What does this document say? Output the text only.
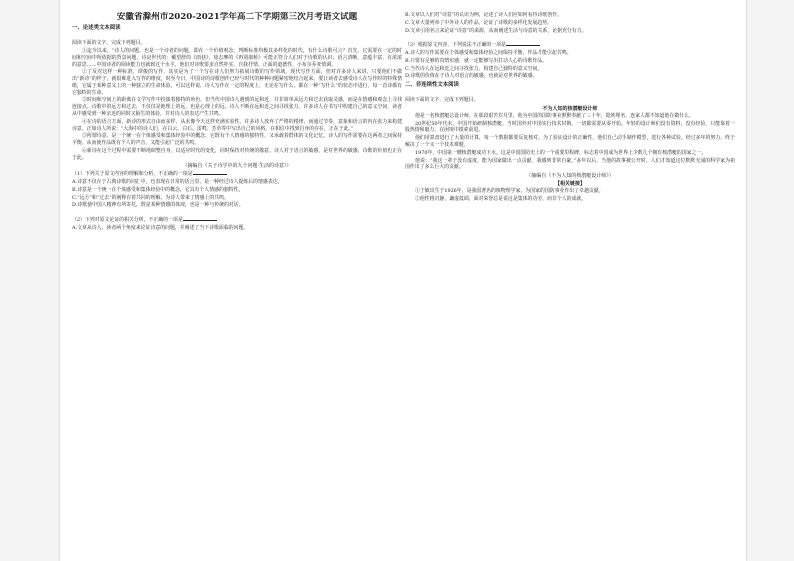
安徽省滁州市2020-2021学年高二下学期第三次月考语文试题
一、论述类文本阅读
阅读下面的文字，完成下列题目。

①迄今以来，“诗人的问题，也是一个诗者的问题，即在一个价值观念、判断标准均极其多样化的时代，有什么诗歌可言？首先，它需要在一定的时间和空间中所依据的背景问题，诗是世代的：戴望舒的《雨巷》、徐志摩的《再别康桥》可能正符合人们对于诗歌的认识；语言清晰、意蕴丰富，有浓浓的意思……中国诗者的阅读能力也就到这个水平，他们对诗歌要求自然朴实、自我抒情、正面的道德性、小布尔乔亚情调。

②了反对这样一种标准，谭俊的写作，其实是为了一个写在诗人们努力拓展诗歌的写作领域，现代写作方面，但对许多诗人来讲，只要他们不做出“新诗”的样子，就很难进入写作的维度，时至今日，中国诗的诗歌创作已经与时代的种种问题紧密地结合起来，要让读者去感受诗人在写作时的特殊情绪，它属于某种意义上的一种独立的生命体验。可以这样说，诗人写作在一定的程度上，无论在写什么，都在一种“写什么”的状态中进行，每一首诗都有它独特的生命。

③时间和空间上的距离在文学写作中扮演着独特的角色，但当代中国诗人遇到的远和近，并非简单从远方和过去获取灵感，而是在情感和观念上寻找连接点。诗歌中的远方和过去，不仅仅是地理上的远，也是心理上的远。诗人不断在远和近之间寻找张力。许多诗人在书写中构建自己的意义空间，读者从中感受到一种亲近的同时又陌生的体验，并对诗人的表达产生共鸣。

④在诗的语言方面，新诗的形式自由而多样，从未像今天这样充满实验性。许多诗人放弃了严格的格律，而通过节奏、意象和语言的内在张力来构建诗意。正如诗人所说：“大海中的诗人们，在白云、白石、雷鸣、芳草等中写出自己的风格，在相信中找到自身的存在，正在于此。”

⑤所谓诗意，是一个统一在个体感受和集体经验中的概念，它既有个人情感的独特性，又承载着群体的文化记忆。诗人的写作需要在这两者之间保持平衡，从而使作品既有个人的声音，又能引起广泛的共鸣。

⑥新诗在这个过程中需要不断地调整自身，以适应时代的变化，同时保持对传统的敬意。诗人对于语言的敏感，是对世界的敏感，诗歌的价值也正在于此。

（摘编自《关于诗学中的九个问题·生活的诗意》）
（1）下列关于原文内容的理解和分析，不正确的一项是
A.诗意不仅存于古典诗歌的词汇中，也表现在日常的语言里，是一种经过诗人提炼后的情感表达。
B.诗意是一个统一在个体感受和集体经验中的概念，它具有个人情感的独特性。
C.“远方”和“过去”的阐释有着共同的理解，为诗人带来了情感上的共鸣。
D.诗歌使中国人精神有所寄托，既是某种情感的体现，也是一种与传统的对话。
（2）下列对原文论证的相关分析，不正确的一项是
A.文章从诗人、读者两个角度来论证诗意的问题，并阐述了当下诗歌面临的问题。
B.文章以人们对“诗意”的认识为例，论述了诗人们应如何看待诗歌创作。
C.文章大量列举了中外诗人的作品，论证了诗歌的多样化发展趋势。
D.文章引用名言来论证“诗意”的来源，从而阐述生活与诗意的关系，论据充分有力。
（3）根据原文内容，下列说法不正确的一项是
A.诗人的写作需要在个体感受和集体经验之间保持平衡，作品才能引起共鸣。
B.只要有足够的真情实感，就一定能够写出打动人心的诗歌作品。
C.当代诗人在远和近之间寻找张力，构建自己独特的意义空间。
D.诗歌的价值在于诗人对语言的敏感，也就是对世界的敏感。
二、非连续性文本阅读
阅读下面的文字，完成下列题目。
不为人知的核潜艇设计师

他是一名核潜艇总设计师，在那段艰苦岁月里，他为中国的国防事业默默奉献了三十年，隐姓埋名，连家人都不知道他在做什么。

20世纪50年代末，中国开始研制核潜艇。当时国外对中国实行技术封锁，一切都需要从零开始。年轻的设计师们没有资料，没有经验，只能靠着一股热情和毅力，在困境中摸索前进。

他们用算盘进行了大量的计算，每一个数据都要反复核对。为了验证设计的正确性，他们自己动手制作模型，进行各种试验。经过多年的努力，终于解决了一个又一个技术难题。

1970年，中国第一艘核潜艇成功下水。这是中国国防史上的一个重要里程碑，标志着中国成为世界上少数几个拥有核潜艇的国家之一。

他说：“我这一辈子没有虚度，能为国家做出一点贡献，我感到非常自豪。”多年以后，当他的故事被公开时，人们才知道这位默默无闻的科学家为祖国作出了多么巨大的贡献。

（摘编自《不为人知的核潜艇设计师》）
【相关链接】

①于敏出生于1926年，是我国著名的核物理学家，为国家的国防事业作出了卓越贡献。

②他性格沉静，谦虚低调，面对荣誉总是说这是集体的功劳，而非个人的成就。
